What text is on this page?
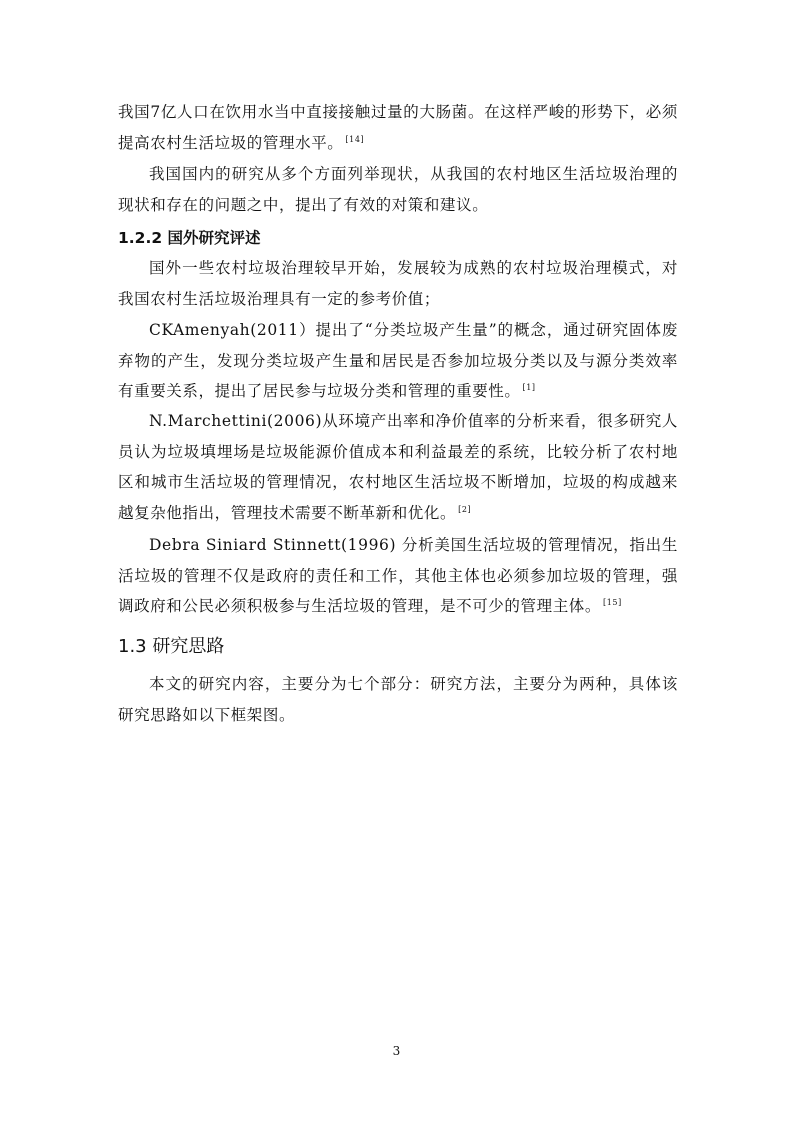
我国7亿人口在饮用水当中直接接触过量的大肠菌。在这样严峻的形势下，必须提高农村生活垃圾的管理水平。 [14]

我国国内的研究从多个方面列举现状，从我国的农村地区生活垃圾治理的现状和存在的问题之中，提出了有效的对策和建议。

1.2.2 国外研究评述

国外一些农村垃圾治理较早开始，发展较为成熟的农村垃圾治理模式，对我国农村生活垃圾治理具有一定的参考价值；

CKAmenyah(2011）提出了“分类垃圾产生量”的概念，通过研究固体废弃物的产生，发现分类垃圾产生量和居民是否参加垃圾分类以及与源分类效率有重要关系，提出了居民参与垃圾分类和管理的重要性。 [1]

N.Marchettini(2006)从环境产出率和净价值率的分析来看，很多研究人员认为垃圾填埋场是垃圾能源价值成本和利益最差的系统，比较分析了农村地区和城市生活垃圾的管理情况，农村地区生活垃圾不断增加，垃圾的构成越来越复杂他指出，管理技术需要不断革新和优化。 [2]

Debra Siniard Stinnett(1996) 分析美国生活垃圾的管理情况，指出生活垃圾的管理不仅是政府的责任和工作，其他主体也必须参加垃圾的管理，强调政府和公民必须积极参与生活垃圾的管理，是不可少的管理主体。 [15]

1.3 研究思路

本文的研究内容，主要分为七个部分：研究方法，主要分为两种，具体该研究思路如以下框架图。

3
